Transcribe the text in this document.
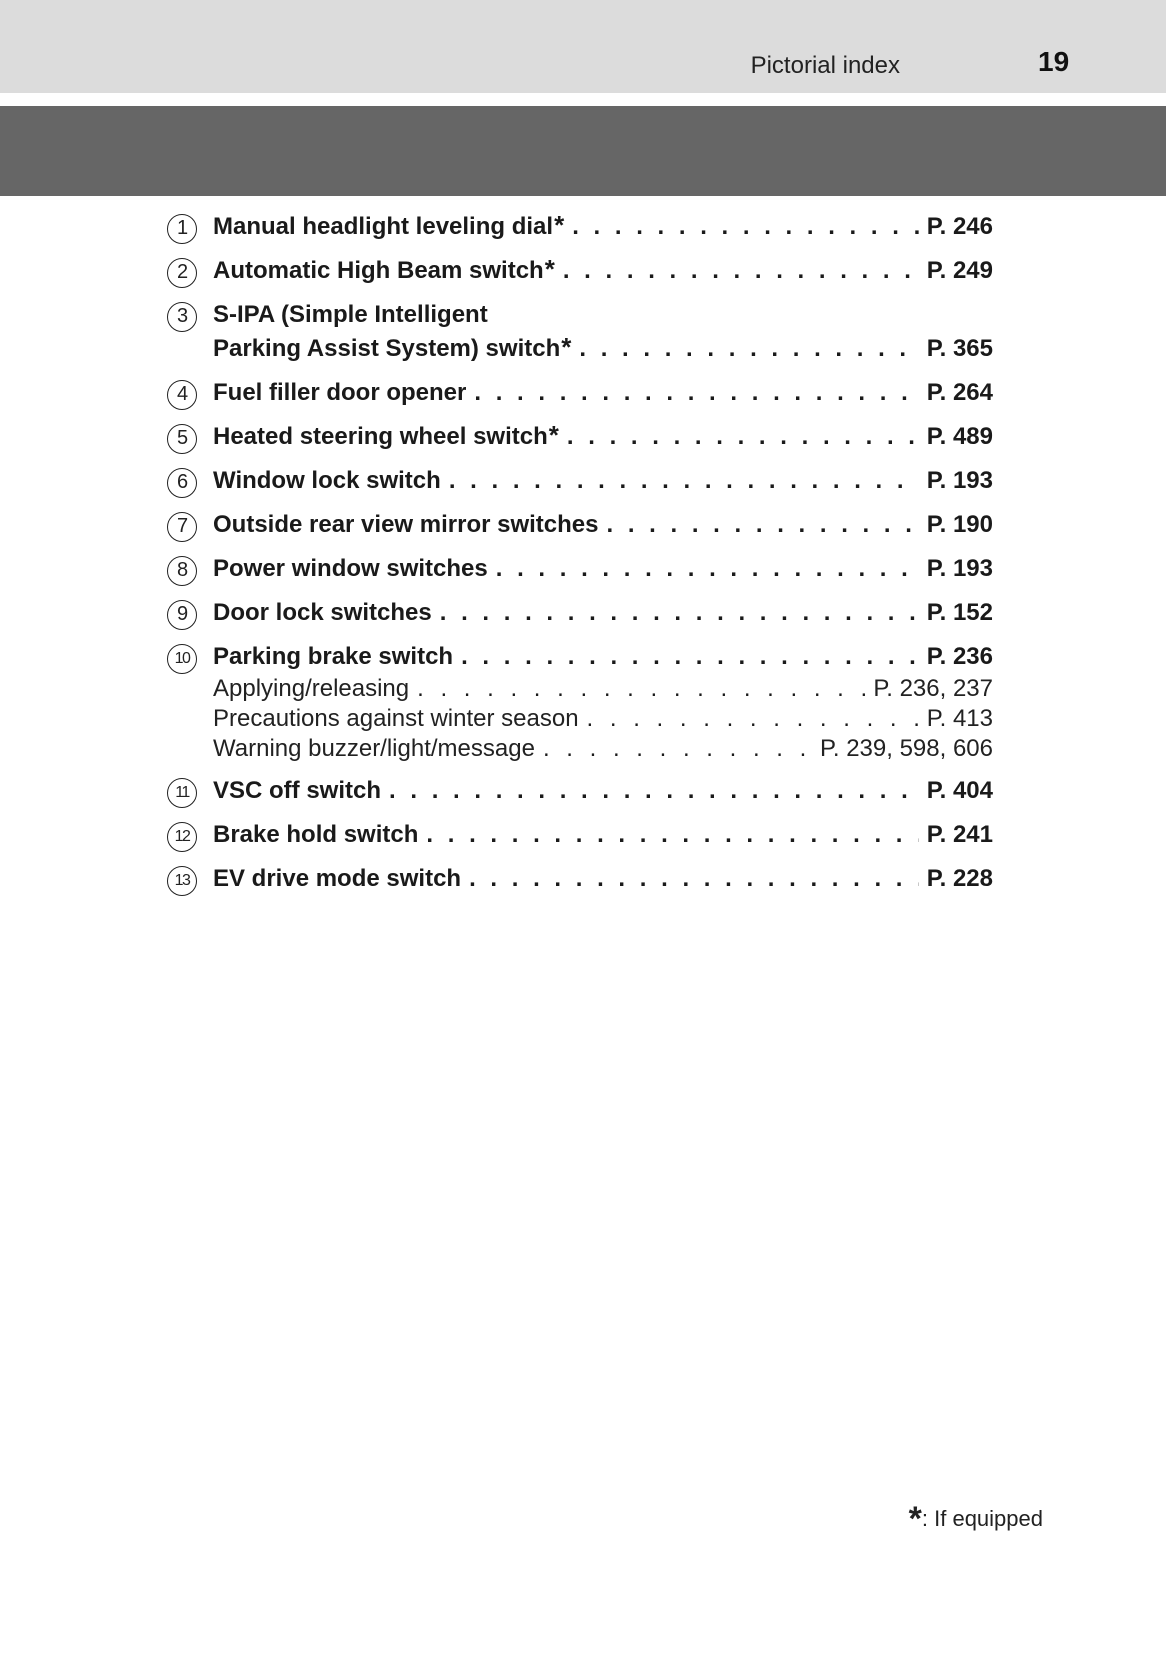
Pictorial index	19
1	Manual headlight leveling dial * . . .	P. 246
2	Automatic High Beam switch * . . .	P. 249
3	S-IPA (Simple Intelligent
Parking Assist System) switch * . . .	P. 365
4	Fuel filler door opener . . .	P. 264
5	Heated steering wheel switch * . . .	P. 489
6	Window lock switch . . .	P. 193
7	Outside rear view mirror switches . . .	P. 190
8	Power window switches . . .	P. 193
9	Door lock switches . . .	P. 152
10 Parking brake switch . . .	P. 236
Applying/releasing . . .	P. 236, 237
Precautions against winter season . . .	P. 413
Warning buzzer/light/message . . .	P. 239, 598, 606
11	VSC off switch . . .	P. 404
12 Brake hold switch . . .	P. 241
13 EV drive mode switch . . .	P. 228
*: If equipped
